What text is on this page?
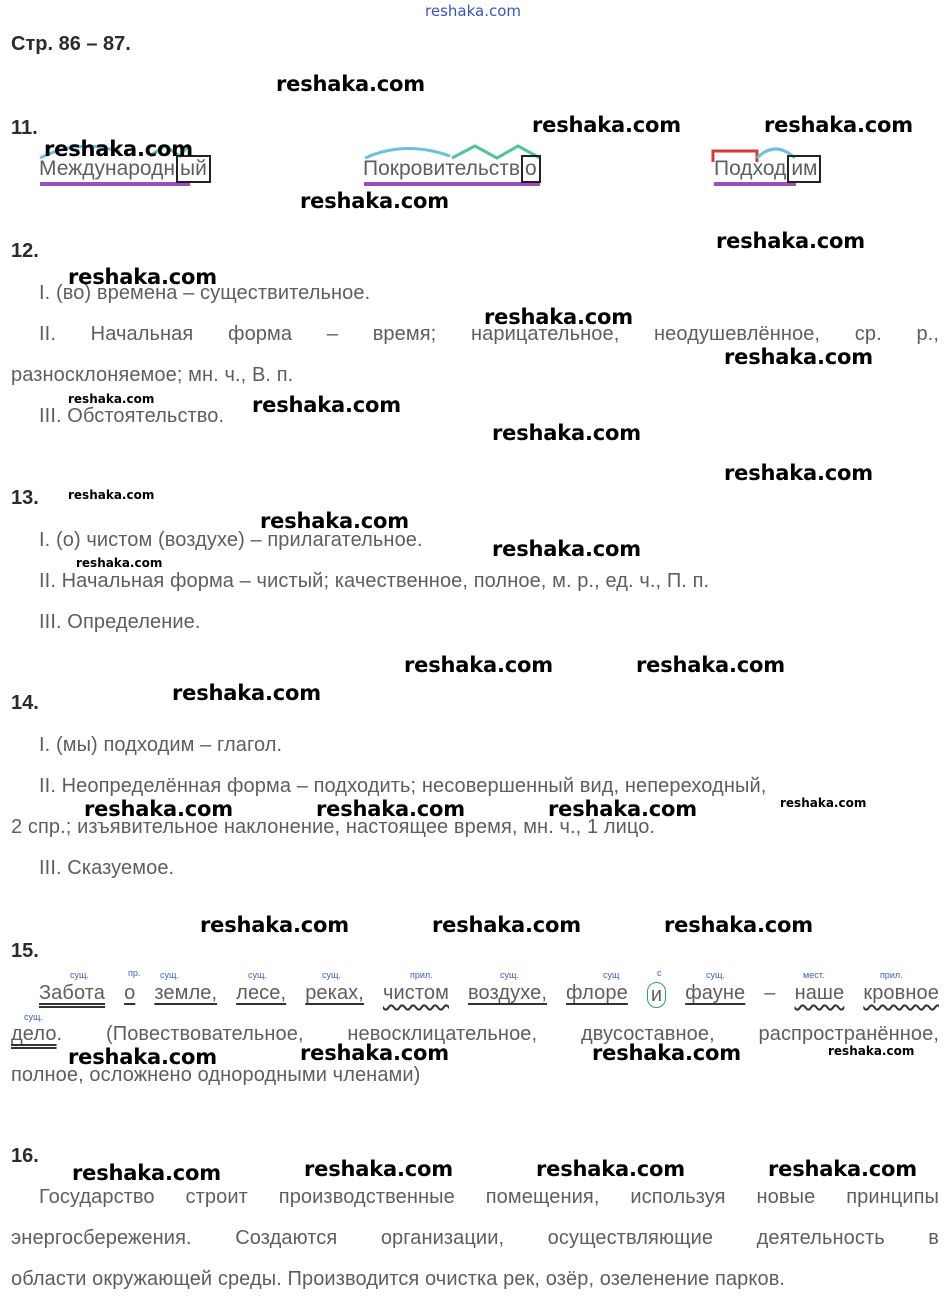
reshaka.com
Стр. 86 – 87.
11.
Международн ый	Покровительств о	Подход им
12.
I. (во) времена – существительное.
II. Начальная форма – время; нарицательное, неодушевлённое, ср. р.,
разносклоняемое; мн. ч., В. п.
III. Обстоятельство.
13.
I. (о) чистом (воздухе) – прилагательное.
II. Начальная форма – чистый; качественное, полное, м. р., ед. ч., П. п.
III. Определение.
14.
I. (мы) подходим – глагол.
II. Неопределённая форма – подходить; несовершенный вид, непереходный,
2 спр.; изъявительное наклонение, настоящее время, мн. ч., 1 лицо.
III. Сказуемое.
15.
сущ.	пр. сущ.	сущ.	сущ.	прил.	сущ.	сущ	с	сущ.	мест.	прил.
сущ.
Забота о земле, лесе, реках, чистом воздухе, флоре и фауне – наше кровное
дело. (Повествовательное, невосклицательное, двусоставное, распространённое,
полное, осложнено однородными членами)
16.
Государство строит производственные помещения, используя новые принципы
энергосбережения. Создаются организации, осуществляющие деятельность в
области окружающей среды. Производится очистка рек, озёр, озеленение парков.
reshaka.com
reshaka.com	reshaka.com
reshaka.com
reshaka.com
reshaka.com
reshaka.com
reshaka.com
reshaka.com
reshaka.com	reshaka.com
reshaka.com
reshaka.com
reshaka.com
reshaka.com
reshaka.com
reshaka.com
reshaka.com	reshaka.com
reshaka.com
reshaka.com	reshaka.com	reshaka.com	reshaka.com
reshaka.com	reshaka.com	reshaka.com
reshaka.com	reshaka.com	reshaka.com	reshaka.com
reshaka.com	reshaka.com	reshaka.com	reshaka.com
